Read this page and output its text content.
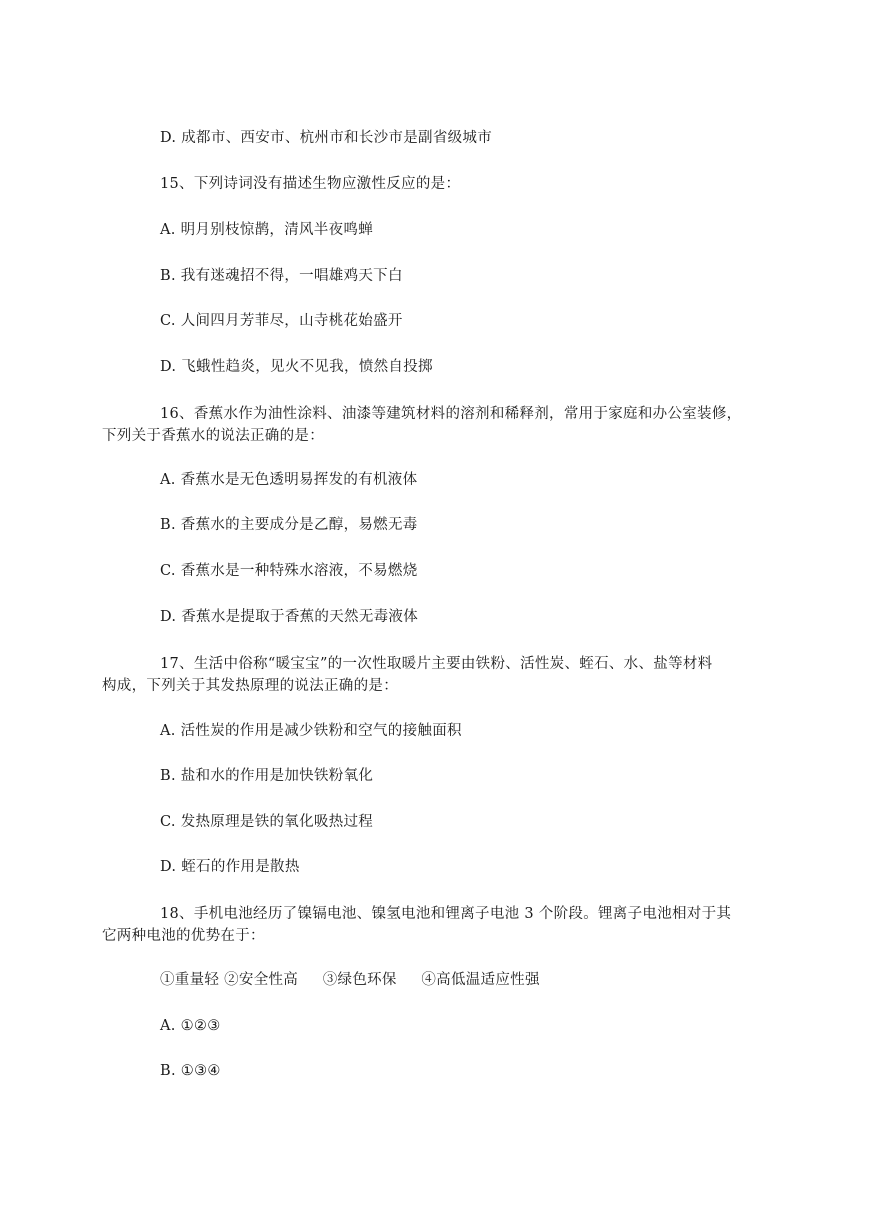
D. 成都市、西安市、杭州市和长沙市是副省级城市
15、下列诗词没有描述生物应激性反应的是：
A. 明月别枝惊鹊，清风半夜鸣蝉
B. 我有迷魂招不得，一唱雄鸡天下白
C. 人间四月芳菲尽，山寺桃花始盛开
D. 飞蛾性趋炎，见火不见我，愤然自投掷
16、香蕉水作为油性涂料、油漆等建筑材料的溶剂和稀释剂，常用于家庭和办公室装修，
下列关于香蕉水的说法正确的是：
A. 香蕉水是无色透明易挥发的有机液体
B. 香蕉水的主要成分是乙醇，易燃无毒
C. 香蕉水是一种特殊水溶液，不易燃烧
D. 香蕉水是提取于香蕉的天然无毒液体
17、生活中俗称“暖宝宝”的一次性取暖片主要由铁粉、活性炭、蛭石、水、盐等材料
构成，下列关于其发热原理的说法正确的是：
A. 活性炭的作用是减少铁粉和空气的接触面积
B. 盐和水的作用是加快铁粉氧化
C. 发热原理是铁的氧化吸热过程
D. 蛭石的作用是散热
18、手机电池经历了镍镉电池、镍氢电池和锂离子电池 3 个阶段。锂离子电池相对于其
它两种电池的优势在于：
①重量轻 ②安全性高 　 ③绿色环保 　 ④高低温适应性强
A. ①②③
B. ①③④
